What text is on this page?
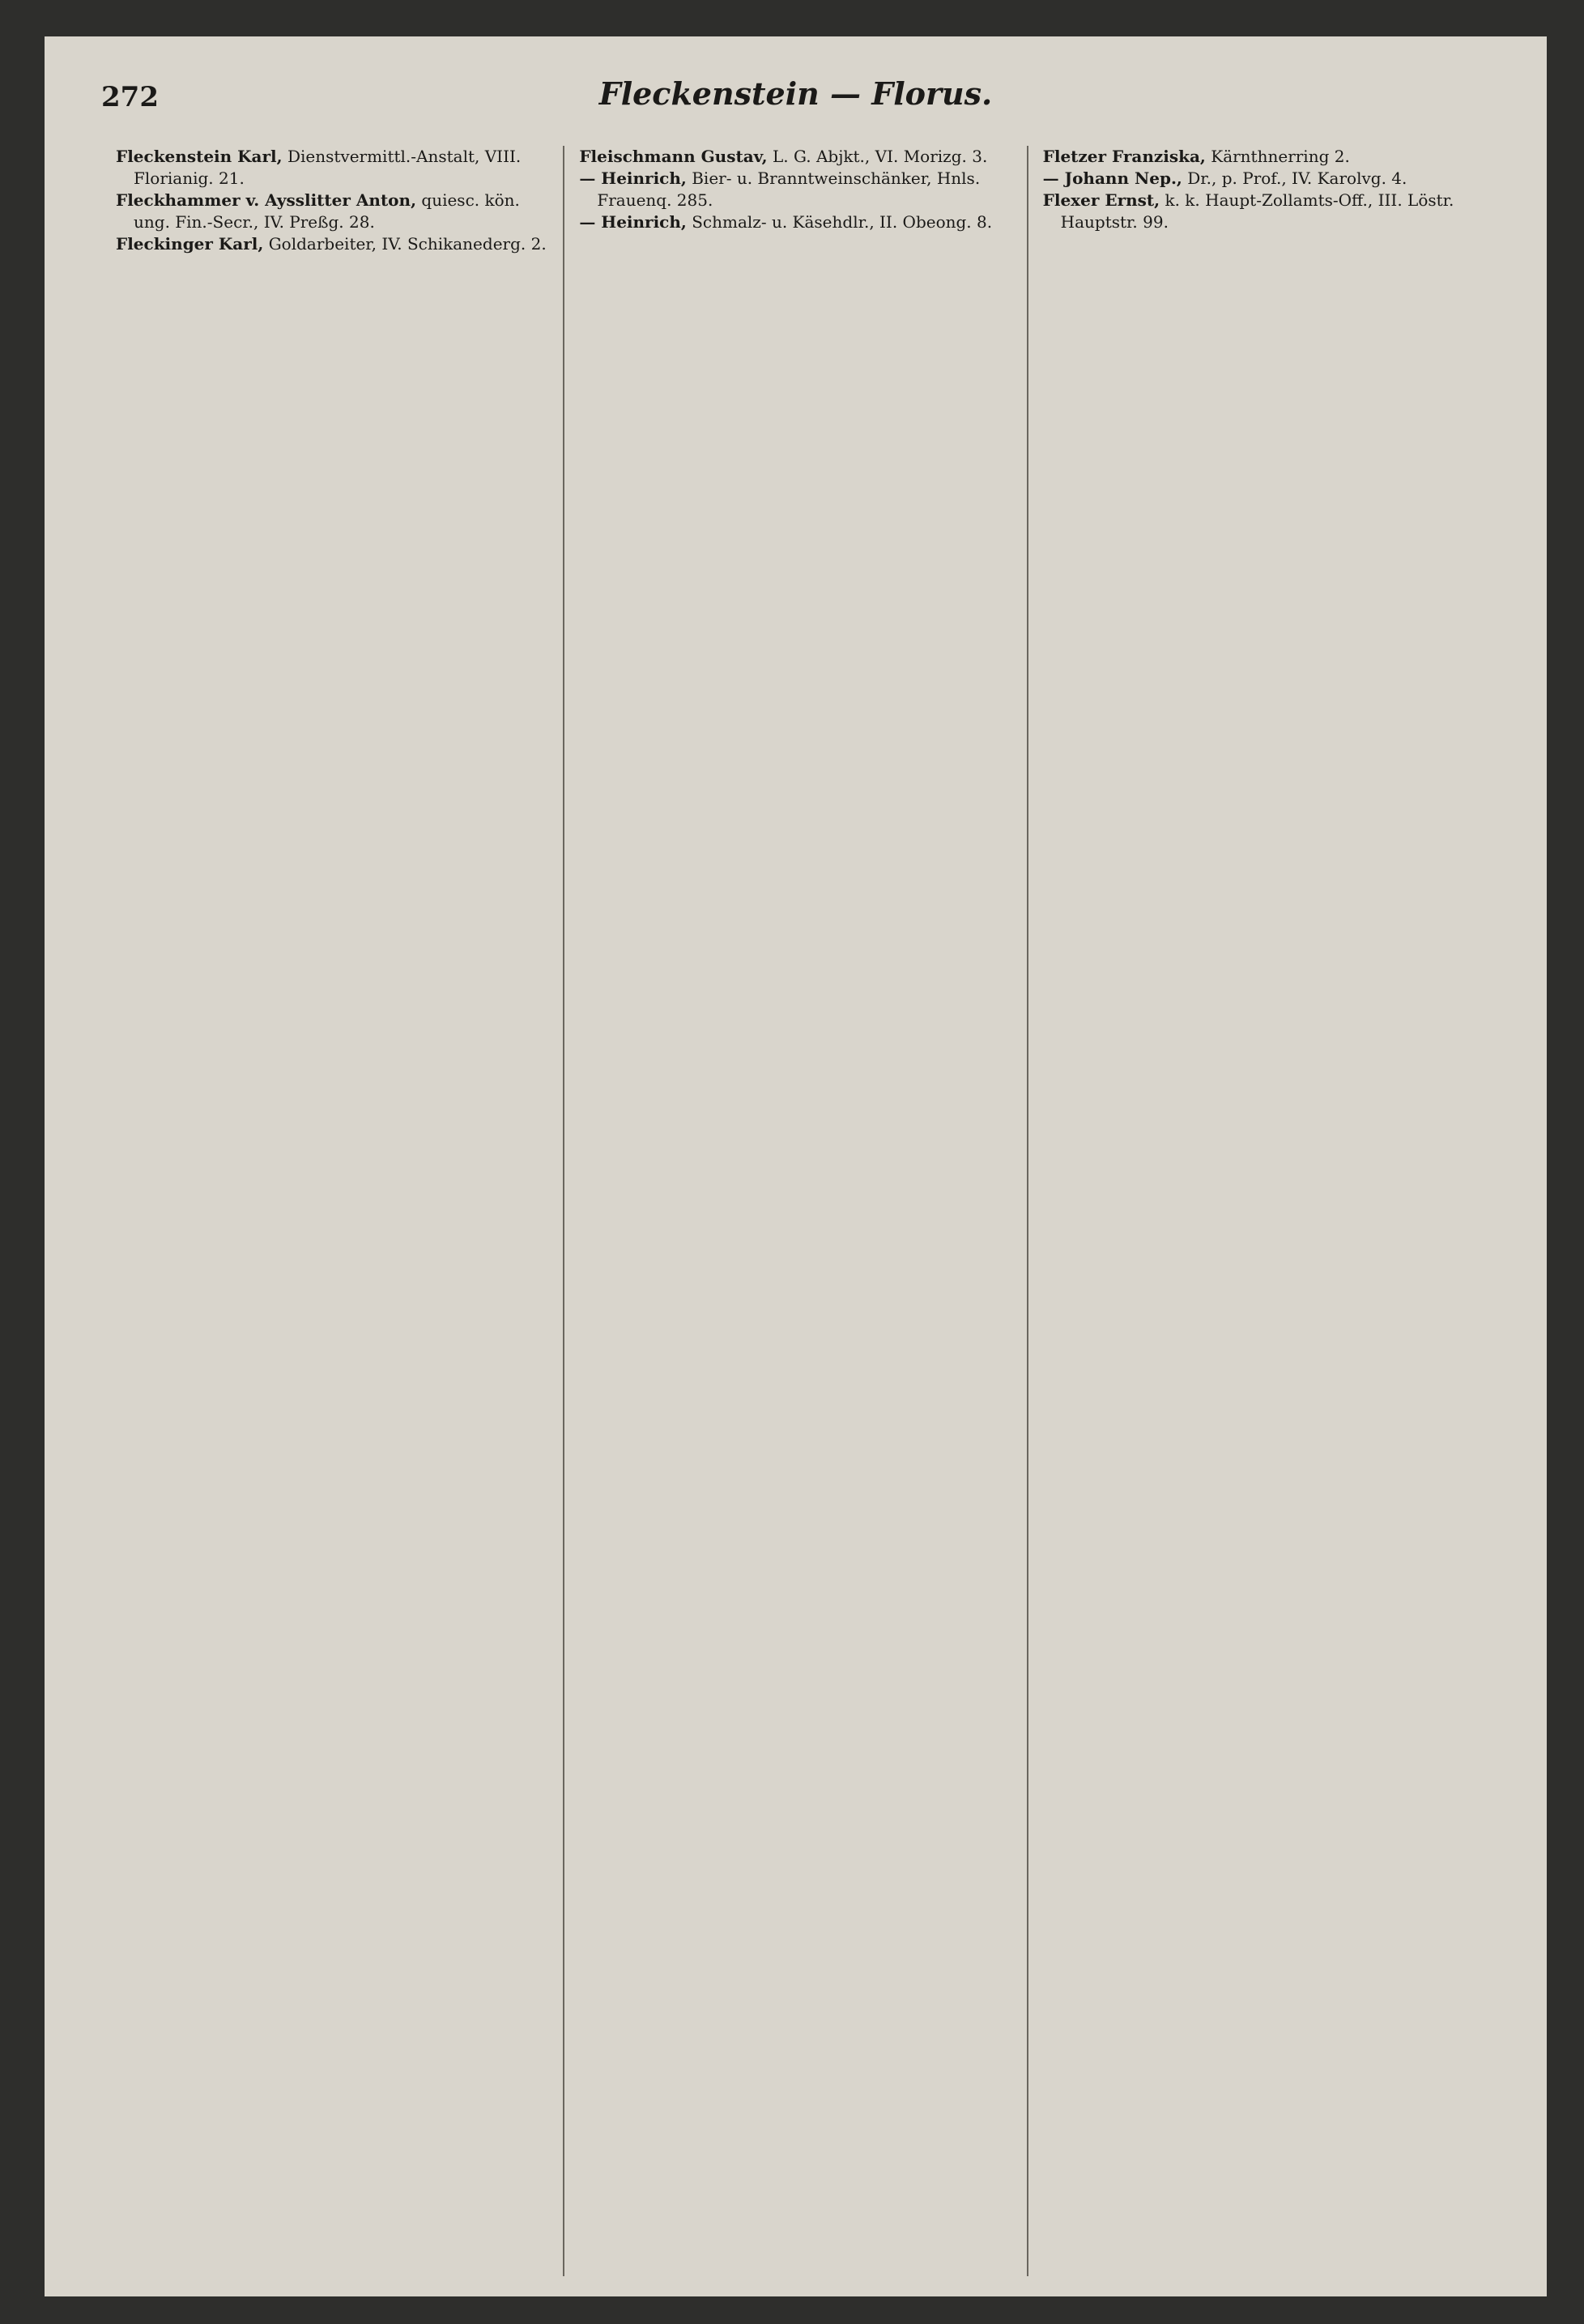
272	Fleckenstein — Florus.

Fleckenstein Karl, Dienstvermittl.-Anstalt, VIII. Florianig. 21.

Fleckhammer v. Aysslitter Anton, quiesc. kön. ung. Fin.-Secr., IV. Preßg. 28.

Fleckinger Karl, Goldarbeiter, IV. Schikanederg. 2.

Fleischmann Gustav, L. G. Abjkt., VI. Morizg. 3.

— Heinrich, Bier- u. Branntweinschänker, Hnls. Frauenq. 285.

— Heinrich, Schmalz- u. Käsehdlr., II. Obeong. 8.

Fletzer Franziska, Kärnthnerring 2.

— Johann Nep., Dr., p. Prof., IV. Karolvg. 4.

Flexer Ernst, k. k. Haupt-Zollamts-Off., III. Löstr. Hauptstr. 99.
